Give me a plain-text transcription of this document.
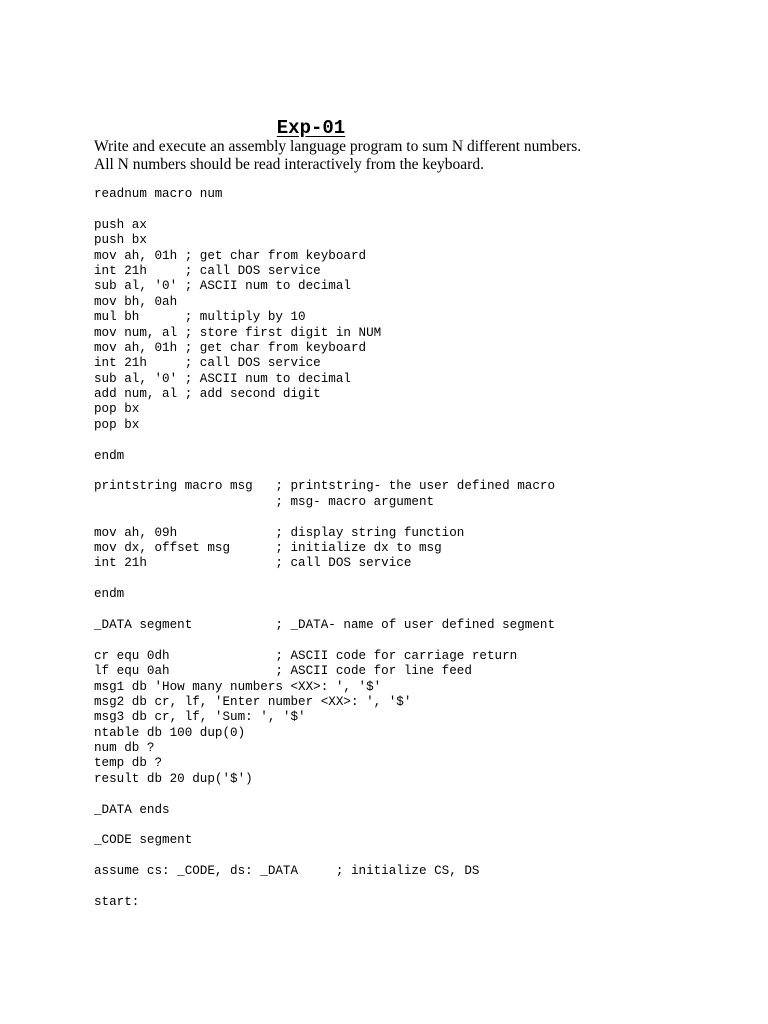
Exp-01
Write and execute an assembly language program to sum N different numbers.
All N numbers should be read interactively from the keyboard.
readnum macro num
push ax
push bx
mov ah, 01h ; get char from keyboard
int 21h     ; call DOS service
sub al, '0' ; ASCII num to decimal
mov bh, 0ah
mul bh      ; multiply by 10
mov num, al ; store first digit in NUM
mov ah, 01h ; get char from keyboard
int 21h     ; call DOS service
sub al, '0' ; ASCII num to decimal
add num, al ; add second digit
pop bx
pop bx
endm
printstring macro msg   ; printstring- the user defined macro
; msg- macro argument
mov ah, 09h             ; display string function
mov dx, offset msg      ; initialize dx to msg
int 21h                 ; call DOS service
endm
_DATA segment           ; _DATA- name of user defined segment
cr equ 0dh              ; ASCII code for carriage return
lf equ 0ah              ; ASCII code for line feed
msg1 db 'How many numbers <XX>: ', '$'
msg2 db cr, lf, 'Enter number <XX>: ', '$'
msg3 db cr, lf, 'Sum: ', '$'
ntable db 100 dup(0)
num db ?
temp db ?
result db 20 dup('$')
_DATA ends
_CODE segment
assume cs: _CODE, ds: _DATA     ; initialize CS, DS
start:
